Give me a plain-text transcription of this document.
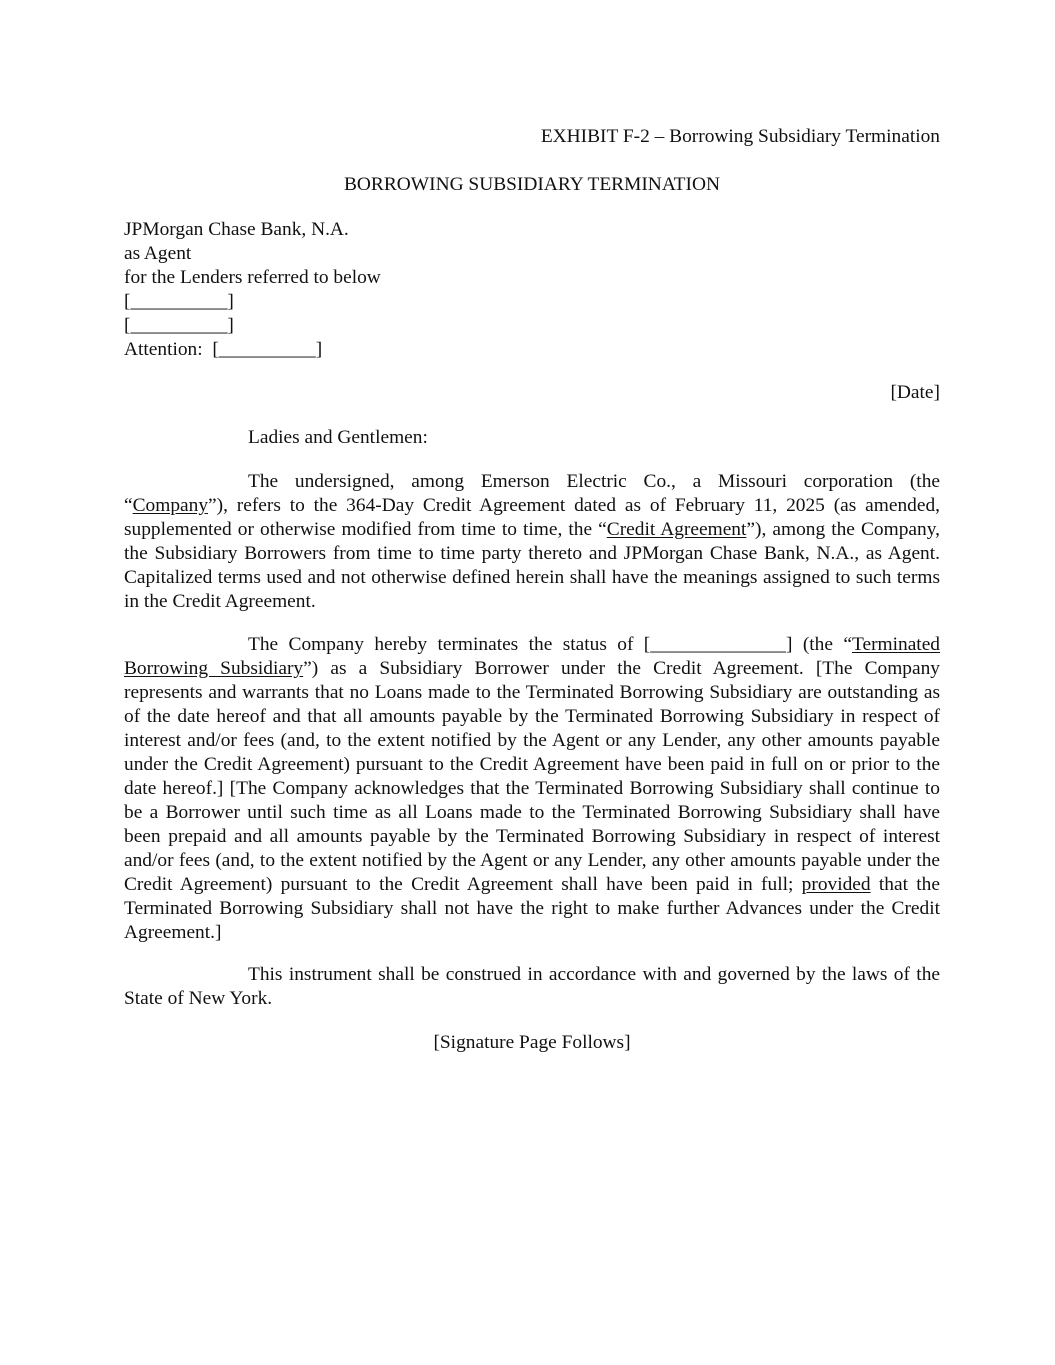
EXHIBIT F-2 – Borrowing Subsidiary Termination
BORROWING SUBSIDIARY TERMINATION
JPMorgan Chase Bank, N.A.
as Agent
for the Lenders referred to below
[__________]
[__________]
Attention:  [__________]
[Date]
Ladies and Gentlemen:

The undersigned, among Emerson Electric Co., a Missouri corporation (the “Company”), refers to the 364-Day Credit Agreement dated as of February 11, 2025 (as amended, supplemented or otherwise modified from time to time, the “Credit Agreement”), among the Company, the Subsidiary Borrowers from time to time party thereto and JPMorgan Chase Bank, N.A., as Agent. Capitalized terms used and not otherwise defined herein shall have the meanings assigned to such terms in the Credit Agreement.

The Company hereby terminates the status of [______________] (the “Terminated Borrowing Subsidiary”) as a Subsidiary Borrower under the Credit Agreement. [The Company represents and warrants that no Loans made to the Terminated Borrowing Subsidiary are outstanding as of the date hereof and that all amounts payable by the Terminated Borrowing Subsidiary in respect of interest and/or fees (and, to the extent notified by the Agent or any Lender, any other amounts payable under the Credit Agreement) pursuant to the Credit Agreement have been paid in full on or prior to the date hereof.] [The Company acknowledges that the Terminated Borrowing Subsidiary shall continue to be a Borrower until such time as all Loans made to the Terminated Borrowing Subsidiary shall have been prepaid and all amounts payable by the Terminated Borrowing Subsidiary in respect of interest and/or fees (and, to the extent notified by the Agent or any Lender, any other amounts payable under the Credit Agreement) pursuant to the Credit Agreement shall have been paid in full; provided that the Terminated Borrowing Subsidiary shall not have the right to make further Advances under the Credit Agreement.]

This instrument shall be construed in accordance with and governed by the laws of the State of New York.

[Signature Page Follows]
